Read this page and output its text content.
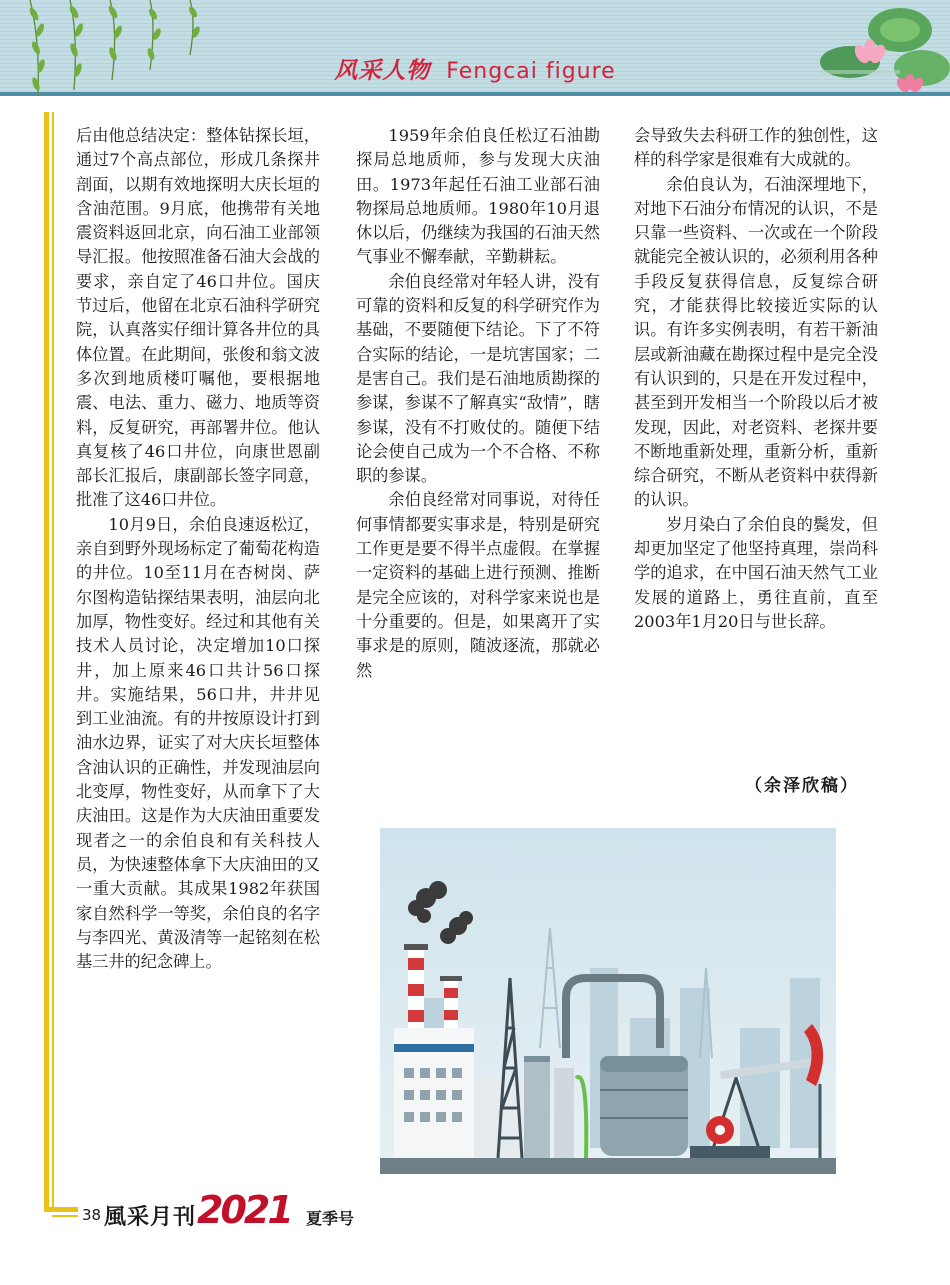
风采人物 Fengcai figure

后由他总结决定：整体钻探长垣，通过7个高点部位，形成几条探井剖面，以期有效地探明大庆长垣的含油范围。9月底，他携带有关地震资料返回北京，向石油工业部领导汇报。他按照准备石油大会战的要求，亲自定了46口井位。国庆节过后，他留在北京石油科学研究院，认真落实仔细计算各井位的具体位置。在此期间，张俊和翁文波多次到地质楼叮嘱他，要根据地震、电法、重力、磁力、地质等资料，反复研究，再部署井位。他认真复核了46口井位，向康世恩副部长汇报后，康副部长签字同意，批准了这46口井位。

10月9日，余伯良速返松辽，亲自到野外现场标定了葡萄花构造的井位。10至11月在杏树岗、萨尔图构造钻探结果表明，油层向北加厚，物性变好。经过和其他有关技术人员讨论，决定增加10口探井，加上原来46口共计56口探井。实施结果，56口井，井井见到工业油流。有的井按原设计打到油水边界，证实了对大庆长垣整体含油认识的正确性，并发现油层向北变厚，物性变好，从而拿下了大庆油田。这是作为大庆油田重要发现者之一的余伯良和有关科技人员，为快速整体拿下大庆油田的又一重大贡献。其成果1982年获国家自然科学一等奖，余伯良的名字与李四光、黄汲清等一起铭刻在松基三井的纪念碑上。

1959年余伯良任松辽石油勘探局总地质师，参与发现大庆油田。1973年起任石油工业部石油物探局总地质师。1980年10月退休以后，仍继续为我国的石油天然气事业不懈奉献，辛勤耕耘。

余伯良经常对年轻人讲，没有可靠的资料和反复的科学研究作为基础，不要随便下结论。下了不符合实际的结论，一是坑害国家；二是害自己。我们是石油地质勘探的参谋，参谋不了解真实“敌情”，瞎参谋，没有不打败仗的。随便下结论会使自己成为一个不合格、不称职的参谋。

余伯良经常对同事说，对待任何事情都要实事求是，特别是研究工作更是要不得半点虚假。在掌握一定资料的基础上进行预测、推断是完全应该的，对科学家来说也是十分重要的。但是，如果离开了实事求是的原则，随波逐流，那就必然

会导致失去科研工作的独创性，这样的科学家是很难有大成就的。

余伯良认为，石油深埋地下，对地下石油分布情况的认识，不是只靠一些资料、一次或在一个阶段就能完全被认识的，必须利用各种手段反复获得信息，反复综合研究，才能获得比较接近实际的认识。有许多实例表明，有若干新油层或新油藏在勘探过程中是完全没有认识到的，只是在开发过程中，甚至到开发相当一个阶段以后才被发现，因此，对老资料、老探井要不断地重新处理，重新分析，重新综合研究，不断从老资料中获得新的认识。

岁月染白了余伯良的鬓发，但却更加坚定了他坚持真理，崇尚科学的追求，在中国石油天然气工业发展的道路上，勇往直前，直至2003年1月20日与世长辞。

（余泽欣稿）
38 風采月刊 2021 夏季号
